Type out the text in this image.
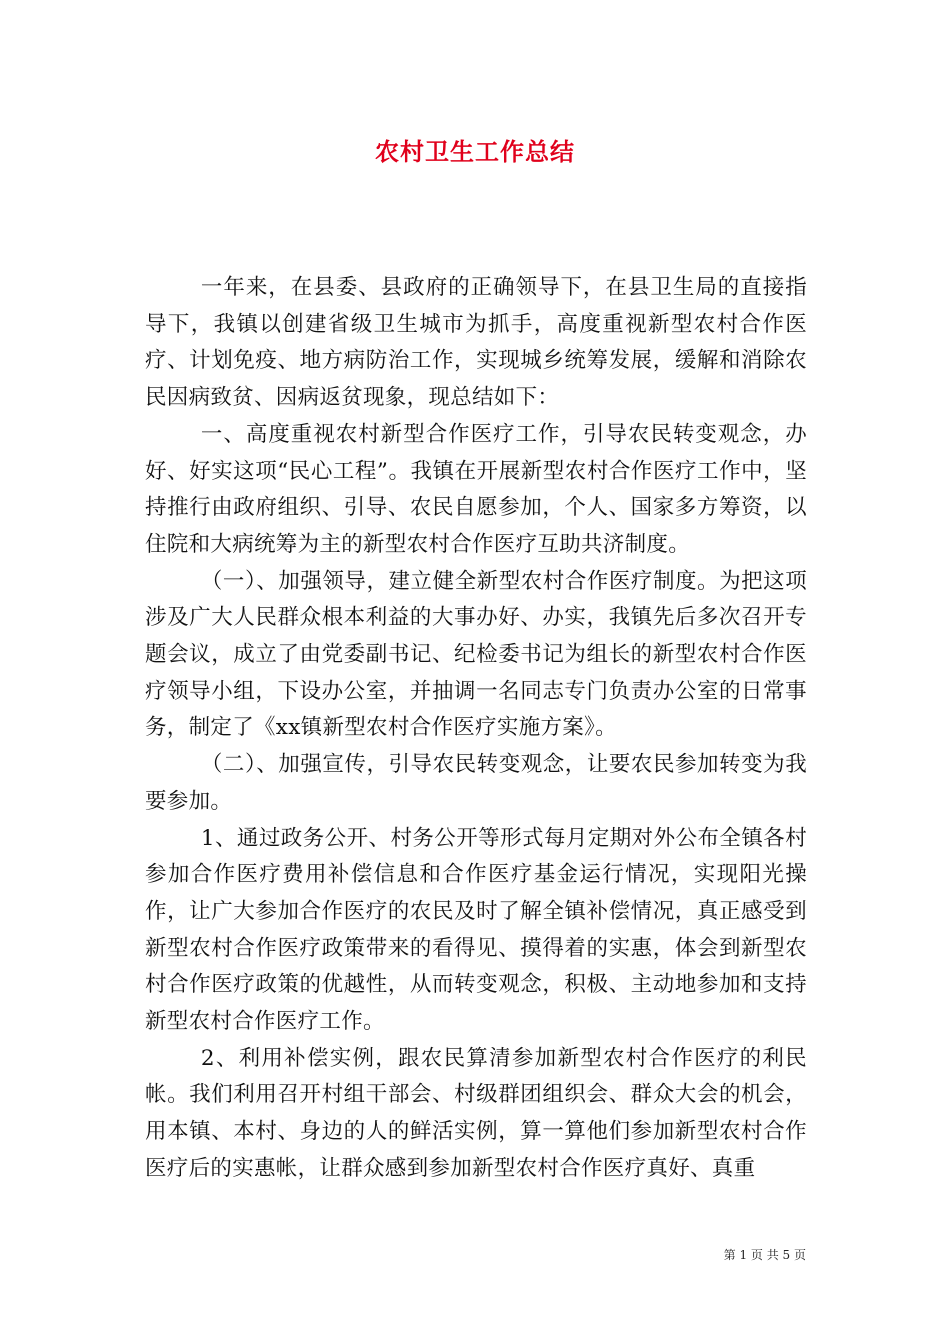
农村卫生工作总结

一年来，在县委、县政府的正确领导下，在县卫生局的直接指导下，我镇以创建省级卫生城市为抓手，高度重视新型农村合作医疗、计划免疫、地方病防治工作，实现城乡统筹发展，缓解和消除农民因病致贫、因病返贫现象，现总结如下：

一、高度重视农村新型合作医疗工作，引导农民转变观念，办好、好实这项“民心工程”。我镇在开展新型农村合作医疗工作中，坚持推行由政府组织、引导、农民自愿参加，个人、国家多方筹资，以住院和大病统筹为主的新型农村合作医疗互助共济制度。

（一）、加强领导，建立健全新型农村合作医疗制度。为把这项涉及广大人民群众根本利益的大事办好、办实，我镇先后多次召开专题会议，成立了由党委副书记、纪检委书记为组长的新型农村合作医疗领导小组，下设办公室，并抽调一名同志专门负责办公室的日常事务，制定了《xx镇新型农村合作医疗实施方案》。

（二）、加强宣传，引导农民转变观念，让要农民参加转变为我要参加。

1、通过政务公开、村务公开等形式每月定期对外公布全镇各村参加合作医疗费用补偿信息和合作医疗基金运行情况，实现阳光操作，让广大参加合作医疗的农民及时了解全镇补偿情况，真正感受到新型农村合作医疗政策带来的看得见、摸得着的实惠，体会到新型农村合作医疗政策的优越性，从而转变观念，积极、主动地参加和支持新型农村合作医疗工作。

2、利用补偿实例，跟农民算清参加新型农村合作医疗的利民帐。我们利用召开村组干部会、村级群团组织会、群众大会的机会，用本镇、本村、身边的人的鲜活实例，算一算他们参加新型农村合作医疗后的实惠帐，让群众感到参加新型农村合作医疗真好、真重

第 1 页 共 5 页
